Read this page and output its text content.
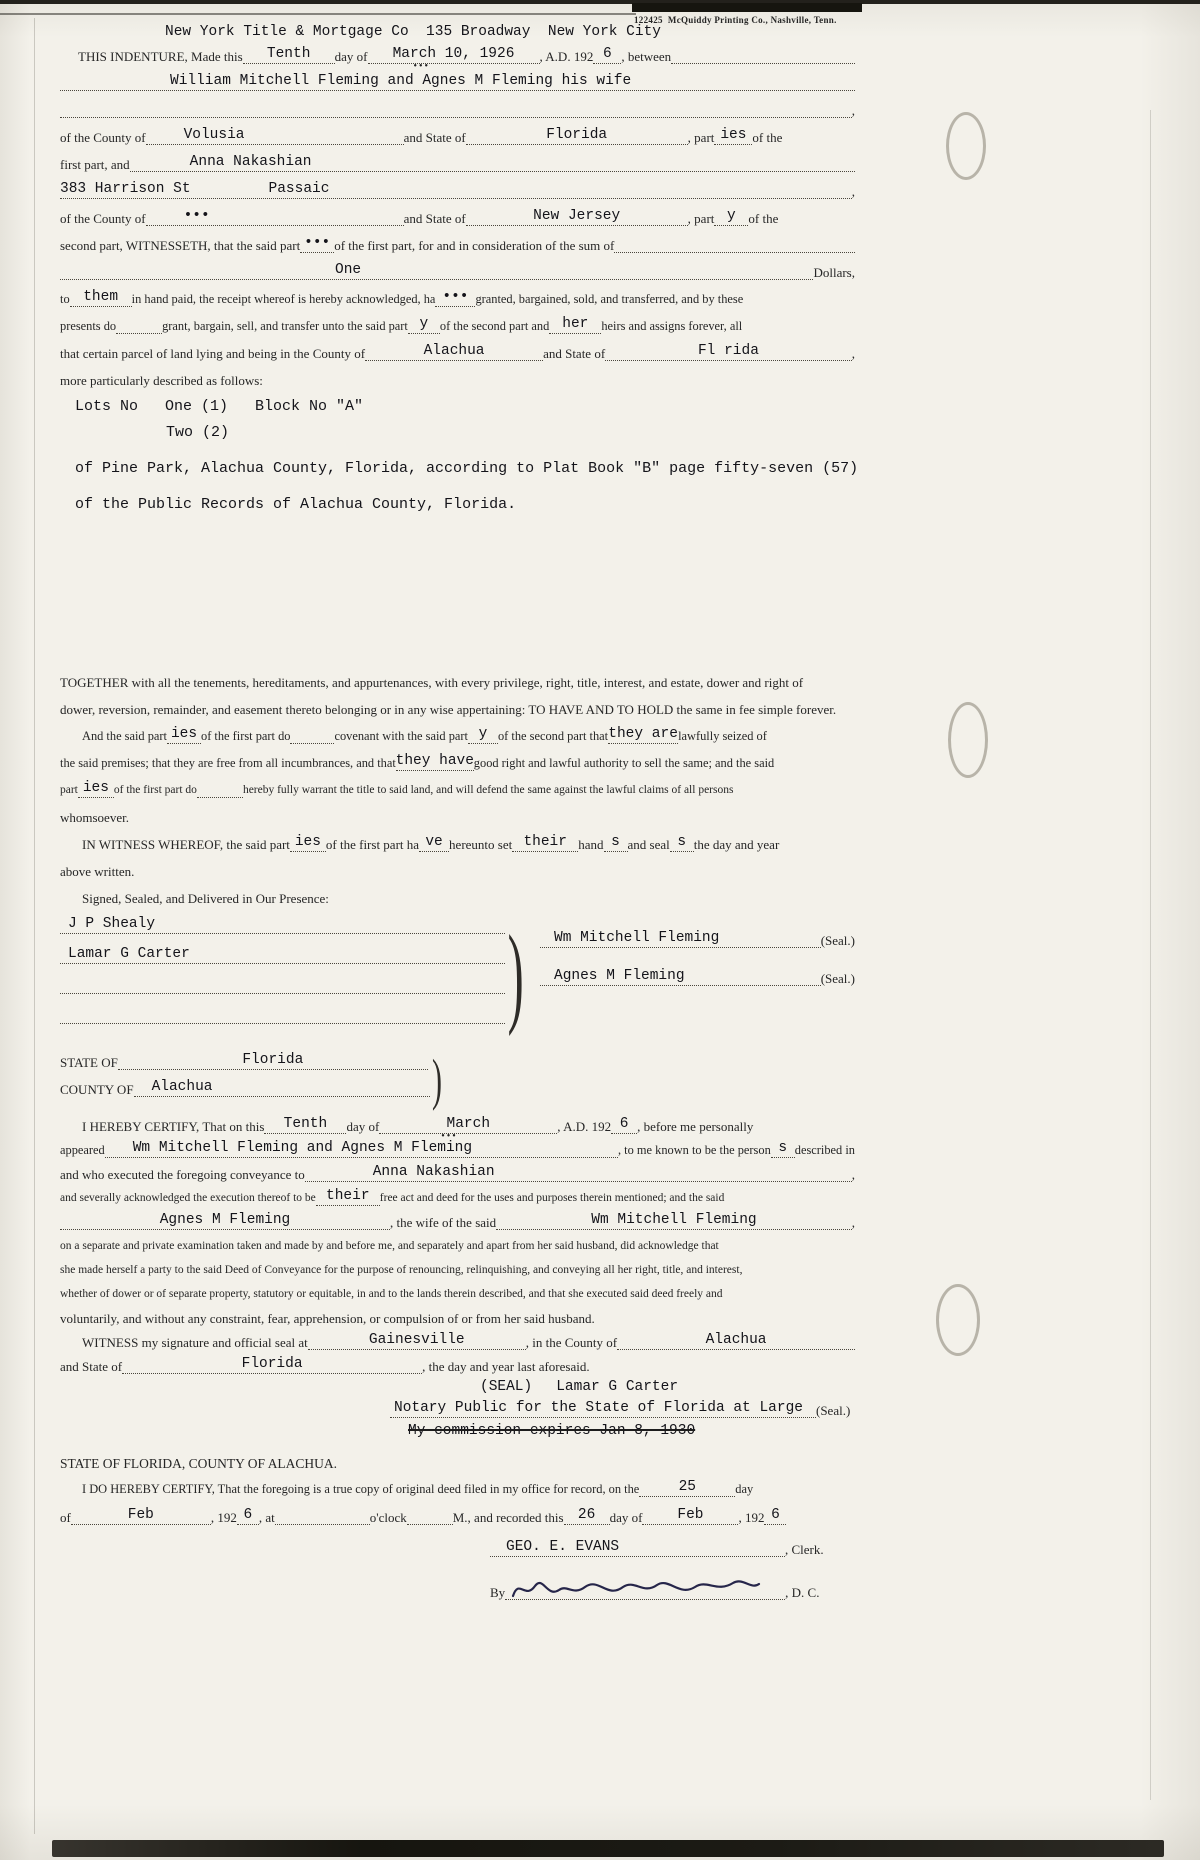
122425 McQuiddy Printing Co., Nashville, Tenn.
New York Title & Mortgage Co  135 Broadway  New York City
THIS INDENTURE, Made this Tenth day of March 10, 1926
•••
, A.D. 192 6 , between
William Mitchell Fleming and Agnes M Fleming his wife
,
of the County of	Volusia	and State of	Florida	, part ies of the
first part, and	Anna Nakashian
383 Harrison St	Passaic	,
of the County of	•••	and State of	New Jersey	, part y of the
second part, WITNESSETH, that the said part ••• of the first part, for and in consideration of the sum of
One	Dollars,
to them in hand paid, the receipt whereof is hereby acknowledged, ha ••• granted, bargained, sold, and transferred, and by these
presents do	grant, bargain, sell, and transfer unto the said part y of the second part and her heirs and assigns forever, all
that certain parcel of land lying and being in the County of	Alachua	and State of	Fl rida	,
more particularly described as follows:
Lots No   One (1)   Block No "A"
Two (2)
of Pine Park, Alachua County, Florida, according to Plat Book "B" page fifty-seven (57)
of the Public Records of Alachua County, Florida.
TOGETHER with all the tenements, hereditaments, and appurtenances, with every privilege, right, title, interest, and estate, dower and right of
dower, reversion, remainder, and easement thereto belonging or in any wise appertaining: TO HAVE AND TO HOLD the same in fee simple forever.
And the said part ies of the first part do	covenant with the said part y of the second part that they are lawfully seized of
the said premises; that they are free from all incumbrances, and that they have good right and lawful authority to sell the same; and the said
part ies of the first part do	hereby fully warrant the title to said land, and will defend the same against the lawful claims of all persons
whomsoever.
IN WITNESS WHEREOF, the said part ies of the first part ha ve hereunto set their hand s and seal s the day and year
above written.
Signed, Sealed, and Delivered in Our Presence:
J P Shealy
Lamar G Carter	) Wm Mitchell Fleming	(Seal.)
Agnes M Fleming	(Seal.)
STATE OF	Florida
COUNTY OF Alachua	)
I HEREBY CERTIFY, That on this Tenth day of	March
•••
, A.D. 192 6 , before me personally
appeared Wm Mitchell Fleming and Agnes M Fleming	, to me known to be the person s described in
and who executed the foregoing conveyance to	Anna Nakashian	,
and severally acknowledged the execution thereof to be their free act and deed for the uses and purposes therein mentioned; and the said
Agnes M Fleming	, the wife of the said	Wm Mitchell Fleming	,
on a separate and private examination taken and made by and before me, and separately and apart from her said husband, did acknowledge that
she made herself a party to the said Deed of Conveyance for the purpose of renouncing, relinquishing, and conveying all her right, title, and interest,
whether of dower or of separate property, statutory or equitable, in and to the lands therein described, and that she executed said deed freely and
voluntarily, and without any constraint, fear, apprehension, or compulsion of or from her said husband.
WITNESS my signature and official seal at	Gainesville	, in the County of	Alachua
and State of	Florida	, the day and year last aforesaid.
(SEAL) Lamar G Carter
Notary Public for the State of Florida at Large (Seal.)
My commission expires Jan 8, 1930
STATE OF FLORIDA, COUNTY OF ALACHUA.
I DO HEREBY CERTIFY, That the foregoing is a true copy of original deed filed in my office for record, on the	25	day
of	Feb	, 192 6 , at	o'clock	M., and recorded this 26 day of Feb	, 192 6
GEO. E. EVANS	, Clerk.
By	, D. C.
